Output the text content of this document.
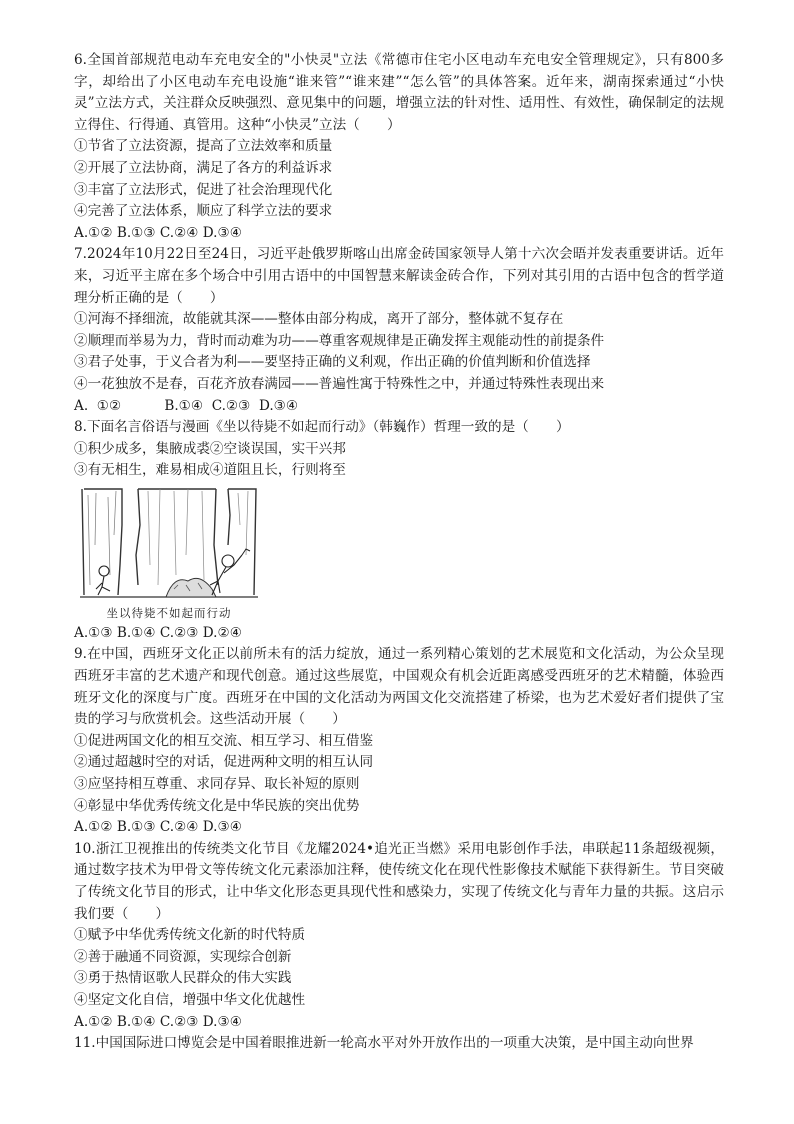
6.全国首部规范电动车充电安全的"小快灵"立法《常德市住宅小区电动车充电安全管理规定》，只有800多字，却给出了小区电动车充电设施“谁来管”“谁来建”“怎么管”的具体答案。近年来，湖南探索通过“小快灵”立法方式，关注群众反映强烈、意见集中的问题，增强立法的针对性、适用性、有效性，确保制定的法规立得住、行得通、真管用。这种“小快灵”立法（　　）

①节省了立法资源，提高了立法效率和质量

②开展了立法协商，满足了各方的利益诉求

③丰富了立法形式，促进了社会治理现代化

④完善了立法体系，顺应了科学立法的要求

A.①② B.①③ C.②④ D.③④

7.2024年10月22日至24日，习近平赴俄罗斯喀山出席金砖国家领导人第十六次会晤并发表重要讲话。近年来，习近平主席在多个场合中引用古语中的中国智慧来解读金砖合作，下列对其引用的古语中包含的哲学道理分析正确的是（　　）

①河海不择细流，故能就其深——整体由部分构成，离开了部分，整体就不复存在

②顺理而举易为力，背时而动难为功——尊重客观规律是正确发挥主观能动性的前提条件

③君子处事，于义合者为利——要坚持正确的义利观，作出正确的价值判断和价值选择

④一花独放不是春，百花齐放春满园——普遍性寓于特殊性之中，并通过特殊性表现出来

A.  ①②          B.①④  C.②③  D.③④

8.下面名言俗语与漫画《坐以待毙不如起而行动》（韩巍作）哲理一致的是（　　）

①积少成多，集腋成裘②空谈误国，实干兴邦

③有无相生，难易相成④道阻且长，行则将至

坐以待毙不如起而行动

A.①③ B.①④ C.②③ D.②④

9.在中国，西班牙文化正以前所未有的活力绽放，通过一系列精心策划的艺术展览和文化活动，为公众呈现西班牙丰富的艺术遗产和现代创意。通过这些展览，中国观众有机会近距离感受西班牙的艺术精髓，体验西班牙文化的深度与广度。西班牙在中国的文化活动为两国文化交流搭建了桥梁，也为艺术爱好者们提供了宝贵的学习与欣赏机会。这些活动开展（　　）

①促进两国文化的相互交流、相互学习、相互借鉴

②通过超越时空的对话，促进两种文明的相互认同

③应坚持相互尊重、求同存异、取长补短的原则

④彰显中华优秀传统文化是中华民族的突出优势

A.①② B.①③ C.②④ D.③④

10.浙江卫视推出的传统类文化节目《龙耀2024•追光正当燃》采用电影创作手法，串联起11条超级视频，通过数字技术为甲骨文等传统文化元素添加注释，使传统文化在现代性影像技术赋能下获得新生。节目突破了传统文化节目的形式，让中华文化形态更具现代性和感染力，实现了传统文化与青年力量的共振。这启示我们要（　　）

①赋予中华优秀传统文化新的时代特质

②善于融通不同资源，实现综合创新

③勇于热情讴歌人民群众的伟大实践

④坚定文化自信，增强中华文化优越性

A.①② B.①④ C.②③ D.③④

11.中国国际进口博览会是中国着眼推进新一轮高水平对外开放作出的一项重大决策，是中国主动向世界
